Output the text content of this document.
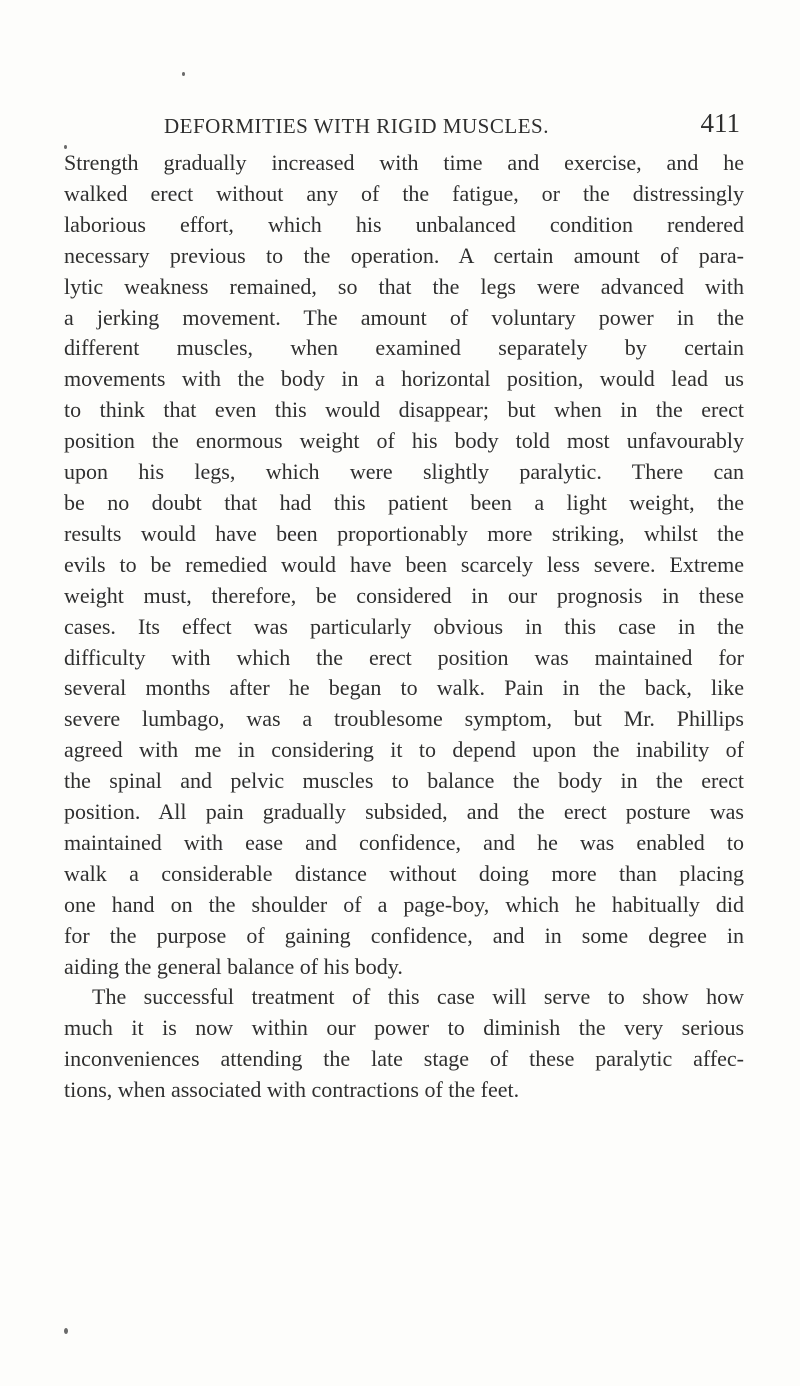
DEFORMITIES WITH RIGID MUSCLES.	411
Strength gradually increased with time and exercise, and he
walked erect without any of the fatigue, or the distressingly
laborious effort, which his unbalanced condition rendered
necessary previous to the operation. A certain amount of para-
lytic weakness remained, so that the legs were advanced with
a jerking movement. The amount of voluntary power in the
different muscles, when examined separately by certain
movements with the body in a horizontal position, would lead us
to think that even this would disappear; but when in the erect
position the enormous weight of his body told most unfavourably
upon his legs, which were slightly paralytic. There can
be no doubt that had this patient been a light weight, the
results would have been proportionably more striking, whilst the
evils to be remedied would have been scarcely less severe. Extreme
weight must, therefore, be considered in our prognosis in these
cases. Its effect was particularly obvious in this case in the
difficulty with which the erect position was maintained for
several months after he began to walk. Pain in the back, like
severe lumbago, was a troublesome symptom, but Mr. Phillips
agreed with me in considering it to depend upon the inability of
the spinal and pelvic muscles to balance the body in the erect
position. All pain gradually subsided, and the erect posture was
maintained with ease and confidence, and he was enabled to
walk a considerable distance without doing more than placing
one hand on the shoulder of a page-boy, which he habitually did
for the purpose of gaining confidence, and in some degree in
aiding the general balance of his body.
The successful treatment of this case will serve to show how
much it is now within our power to diminish the very serious
inconveniences attending the late stage of these paralytic affec-
tions, when associated with contractions of the feet.
